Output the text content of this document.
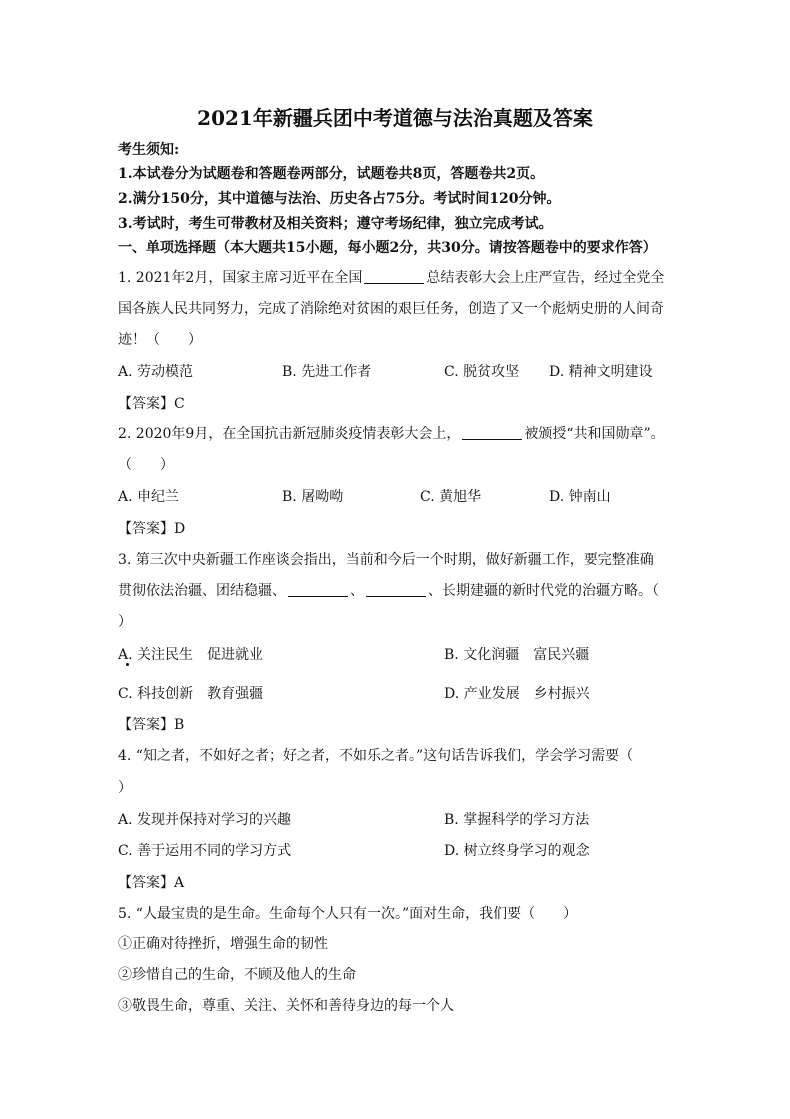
2021年新疆兵团中考道德与法治真题及答案
考生须知:
1.本试卷分为试题卷和答题卷两部分，试题卷共8页，答题卷共2页。
2.满分150分，其中道德与法治、历史各占75分。考试时间120分钟。
3.考试时，考生可带教材及相关资料；遵守考场纪律，独立完成考试。
一、单项选择题（本大题共15小题，每小题2分，共30分。请按答题卷中的要求作答）
1. 2021年2月，国家主席习近平在全国	总结表彰大会上庄严宣告，经过全党全
国各族人民共同努力，完成了消除绝对贫困的艰巨任务，创造了又一个彪炳史册的人间奇
迹！（　　）
A. 劳动模范	B. 先进工作者	C. 脱贫攻坚 D. 精神文明建设
【答案】C
2. 2020年9月，在全国抗击新冠肺炎疫情表彰大会上，	被颁授“共和国勋章”。
（　　）
A. 申纪兰	B. 屠呦呦	C. 黄旭华	D. 钟南山
【答案】D
3. 第三次中央新疆工作座谈会指出，当前和今后一个时期，做好新疆工作，要完整准确
贯彻依法治疆、团结稳疆、	、	、长期建疆的新时代党的治疆方略。（
）
A. 关注民生　促进就业	B. 文化润疆　富民兴疆
C. 科技创新　教育强疆	D. 产业发展　乡村振兴
【答案】B
4. “知之者，不如好之者；好之者，不如乐之者。”这句话告诉我们，学会学习需要（
）
A. 发现并保持对学习的兴趣	B. 掌握科学的学习方法
C. 善于运用不同的学习方式	D. 树立终身学习的观念
【答案】A
5. “人最宝贵的是生命。生命每个人只有一次。”面对生命，我们要（　　）
①正确对待挫折，增强生命的韧性
②珍惜自己的生命，不顾及他人的生命
③敬畏生命，尊重、关注、关怀和善待身边的每一个人
